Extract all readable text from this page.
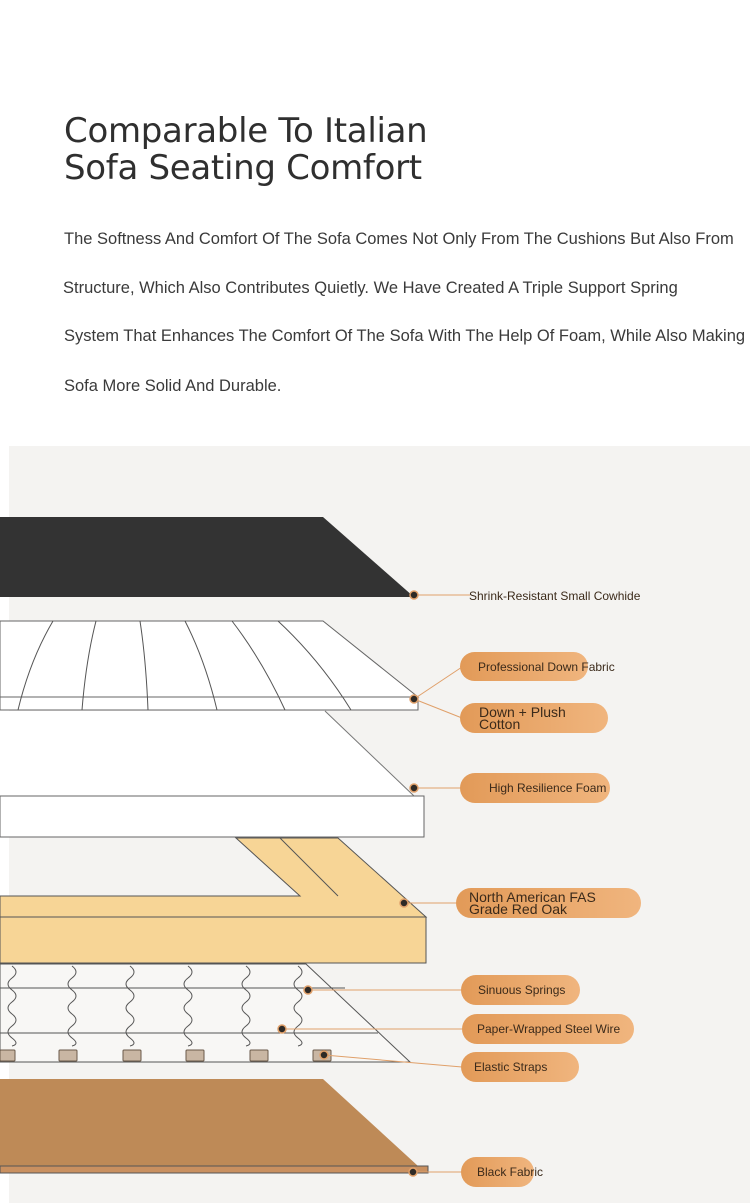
Comparable To Italian
Sofa Seating Comfort

The Softness And Comfort Of The Sofa Comes Not Only From The Cushions But Also From

Structure, Which Also Contributes Quietly. We Have Created A Triple Support Spring

System That Enhances The Comfort Of The Sofa With The Help Of Foam, While Also Making

Sofa More Solid And Durable.

Shrink-Resistant Small Cowhide
Professional Down Fabric
Down + Plush
Cotton
High Resilience Foam
North American FAS
Grade Red Oak
Sinuous Springs
Paper-Wrapped Steel Wire
Elastic Straps
Black Fabric
